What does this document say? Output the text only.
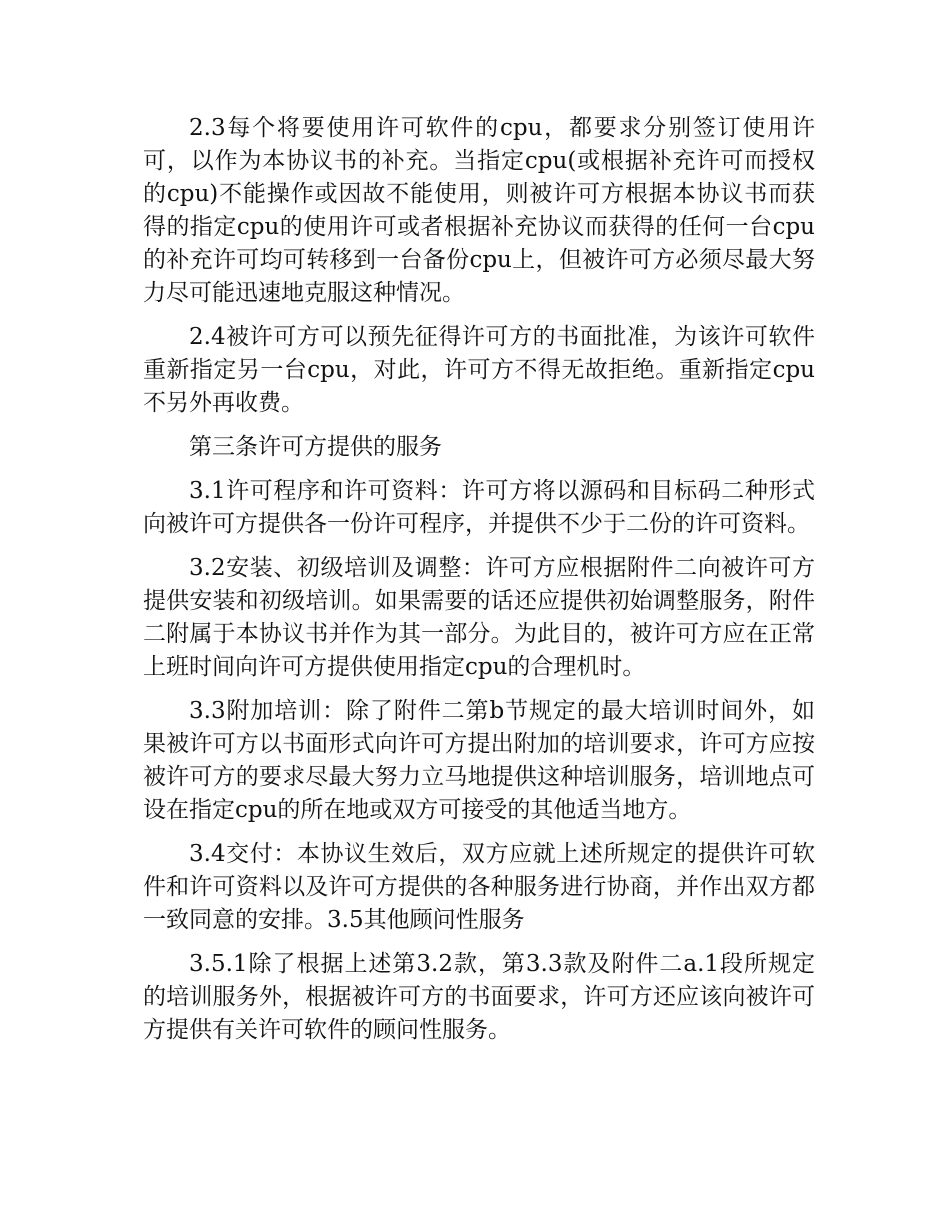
2.3每个将要使用许可软件的cpu，都要求分别签订使用许可，以作为本协议书的补充。当指定cpu(或根据补充许可而授权的cpu)不能操作或因故不能使用，则被许可方根据本协议书而获得的指定cpu的使用许可或者根据补充协议而获得的任何一台cpu的补充许可均可转移到一台备份cpu上，但被许可方必须尽最大努力尽可能迅速地克服这种情况。

2.4被许可方可以预先征得许可方的书面批准，为该许可软件重新指定另一台cpu，对此，许可方不得无故拒绝。重新指定cpu不另外再收费。

第三条许可方提供的服务

3.1许可程序和许可资料：许可方将以源码和目标码二种形式向被许可方提供各一份许可程序，并提供不少于二份的许可资料。

3.2安装、初级培训及调整：许可方应根据附件二向被许可方提供安装和初级培训。如果需要的话还应提供初始调整服务，附件二附属于本协议书并作为其一部分。为此目的，被许可方应在正常上班时间向许可方提供使用指定cpu的合理机时。

3.3附加培训：除了附件二第b节规定的最大培训时间外，如果被许可方以书面形式向许可方提出附加的培训要求，许可方应按被许可方的要求尽最大努力立马地提供这种培训服务，培训地点可设在指定cpu的所在地或双方可接受的其他适当地方。

3.4交付：本协议生效后，双方应就上述所规定的提供许可软件和许可资料以及许可方提供的各种服务进行协商，并作出双方都一致同意的安排。3.5其他顾问性服务

3.5.1除了根据上述第3.2款，第3.3款及附件二a.1段所规定的培训服务外，根据被许可方的书面要求，许可方还应该向被许可方提供有关许可软件的顾问性服务。
